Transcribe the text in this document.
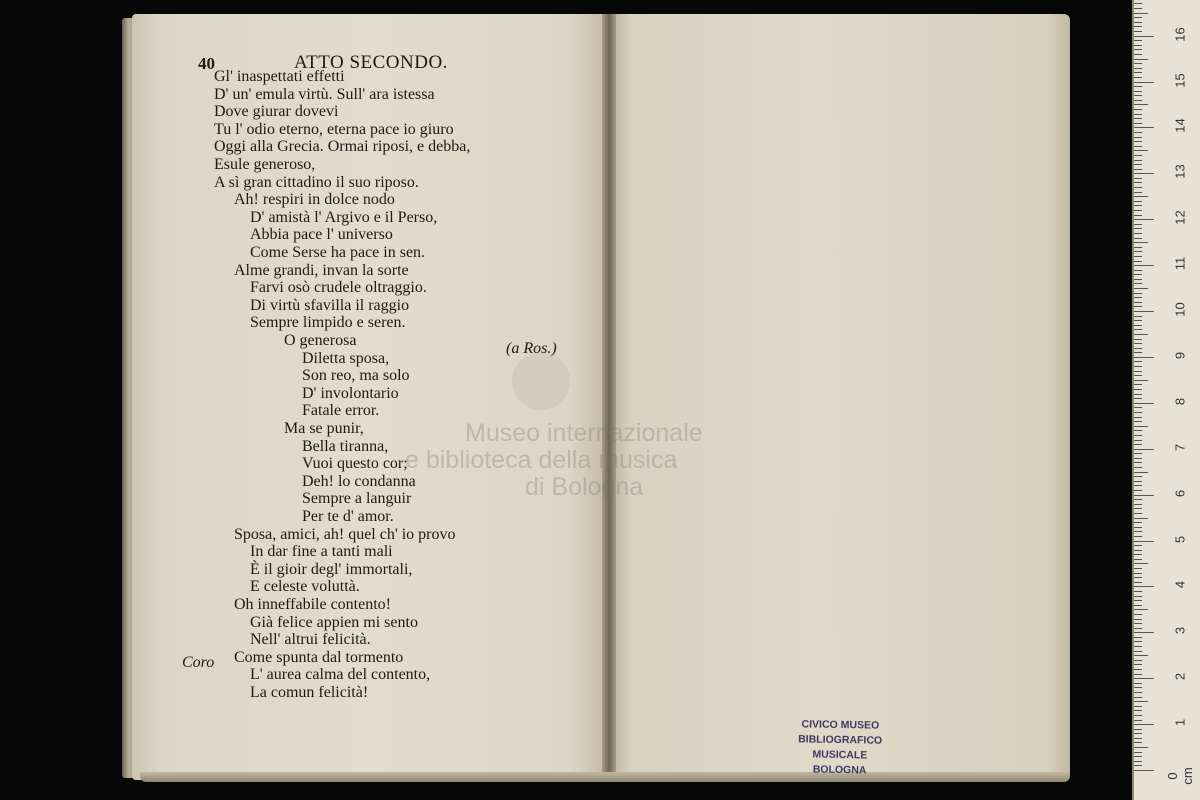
40	ATTO SECONDO.
Gl' inaspettati effetti
D' un' emula virtù. Sull' ara istessa
Dove giurar dovevi
Tu l' odio eterno, eterna pace io giuro
Oggi alla Grecia. Ormai riposi, e debba,
Esule generoso,
A sì gran cittadino il suo riposo.
Ah! respiri in dolce nodo
D' amistà l' Argivo e il Perso,
Abbia pace l' universo
Come Serse ha pace in sen.
Alme grandi, invan la sorte
Farvi osò crudele oltraggio.
Di virtù sfavilla il raggio
Sempre limpido e seren.
O generosa
Diletta sposa,
Son reo, ma solo
D' involontario
Fatale error.
Ma se punir,
Bella tiranna,
Vuoi questo cor;
Deh! lo condanna
Sempre a languir
Per te d' amor.
Sposa, amici, ah! quel ch' io provo
In dar fine a tanti mali
È il gioir degl' immortali,
E celeste voluttà.
Oh inneffabile contento!
Già felice appien mi sento
Nell' altrui felicità.
Come spunta dal tormento
L' aurea calma del contento,
La comun felicità!
(a Ros.)
Coro
Museo internazionale
e biblioteca della musica
di Bologna
CIVICO MUSEO
BIBLIOGRAFICO MUSICALE
BOLOGNA	0 cm
1
2
3
4
5
6
7
8
9
10
11
12
13
14
15
16
